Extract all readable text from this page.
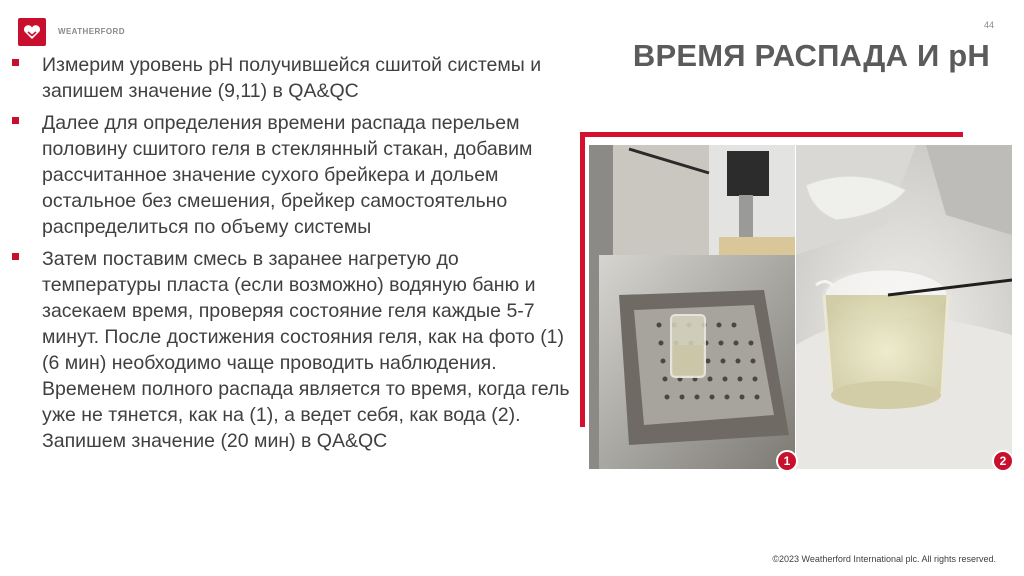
WEATHERFORD
44
ВРЕМЯ РАСПАДА И pH
Измерим уровень pH получившейся сшитой системы и запишем значение (9,11) в QA&QC
Далее для определения времени распада перельем половину сшитого геля в стеклянный стакан, добавим рассчитанное значение сухого брейкера и дольем остальное без смешения, брейкер самостоятельно распределиться по объему системы
Затем поставим смесь в заранее нагретую до температуры пласта (если возможно) водяную баню и засекаем время, проверяя состояние геля каждые 5-7 минут. После достижения состояния геля, как на фото (1) (6 мин) необходимо чаще проводить наблюдения. Временем полного распада является то время, когда гель уже не тянется, как на (1), а ведет себя, как вода (2). Запишем значение (20 мин) в QA&QC
1	2
©2023 Weatherford International plc. All rights reserved.
